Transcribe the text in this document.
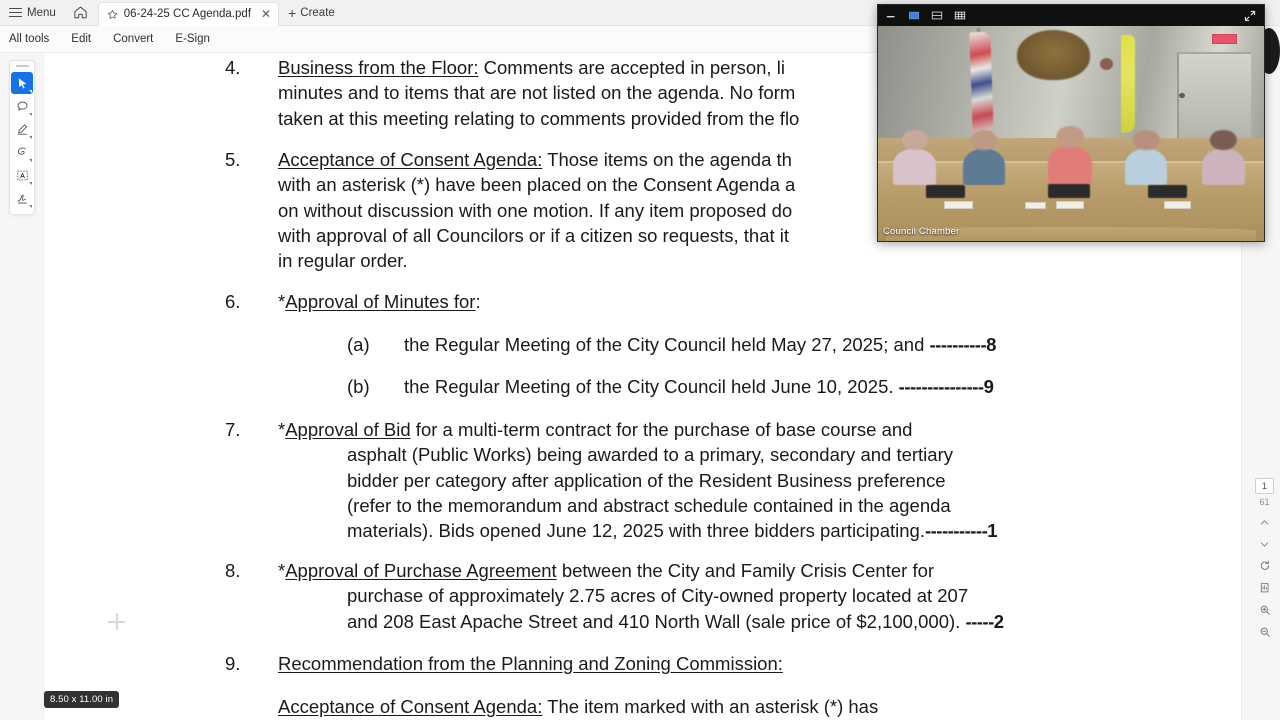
Menu	06-24-25 CC Agenda.pdf ✕ + Create
All tools	Edit	Convert	E-Sign
4.	Business from the Floor: Comments are accepted in person, li
minutes and to items that are not listed on the agenda. No form
taken at this meeting relating to comments provided from the flo
5.	Acceptance of Consent Agenda: Those items on the agenda th
with an asterisk (*) have been placed on the Consent Agenda a
on without discussion with one motion. If any item proposed do
with approval of all Councilors or if a citizen so requests, that it
in regular order.
6.	*Approval of Minutes for:
(a)	the Regular Meeting of the City Council held May 27, 2025; and ----------8
(b)	the Regular Meeting of the City Council held June 10, 2025. ---------------9
7.	*Approval of Bid for a multi-term contract for the purchase of base course and
asphalt (Public Works) being awarded to a primary, secondary and tertiary
bidder per category after application of the Resident Business preference
(refer to the memorandum and abstract schedule contained in the agenda
materials). Bids opened June 12, 2025 with three bidders participating.-----------1
8.	*Approval of Purchase Agreement between the City and Family Crisis Center for
purchase of approximately 2.75 acres of City-owned property located at 207
and 208 East Apache Street and 410 North Wall (sale price of $2,100,000). -----2
9.	Recommendation from the Planning and Zoning Commission:
Acceptance of Consent Agenda: The item marked with an asterisk (*) has
8.50 x 11.00 in
1
61
Council Chamber
